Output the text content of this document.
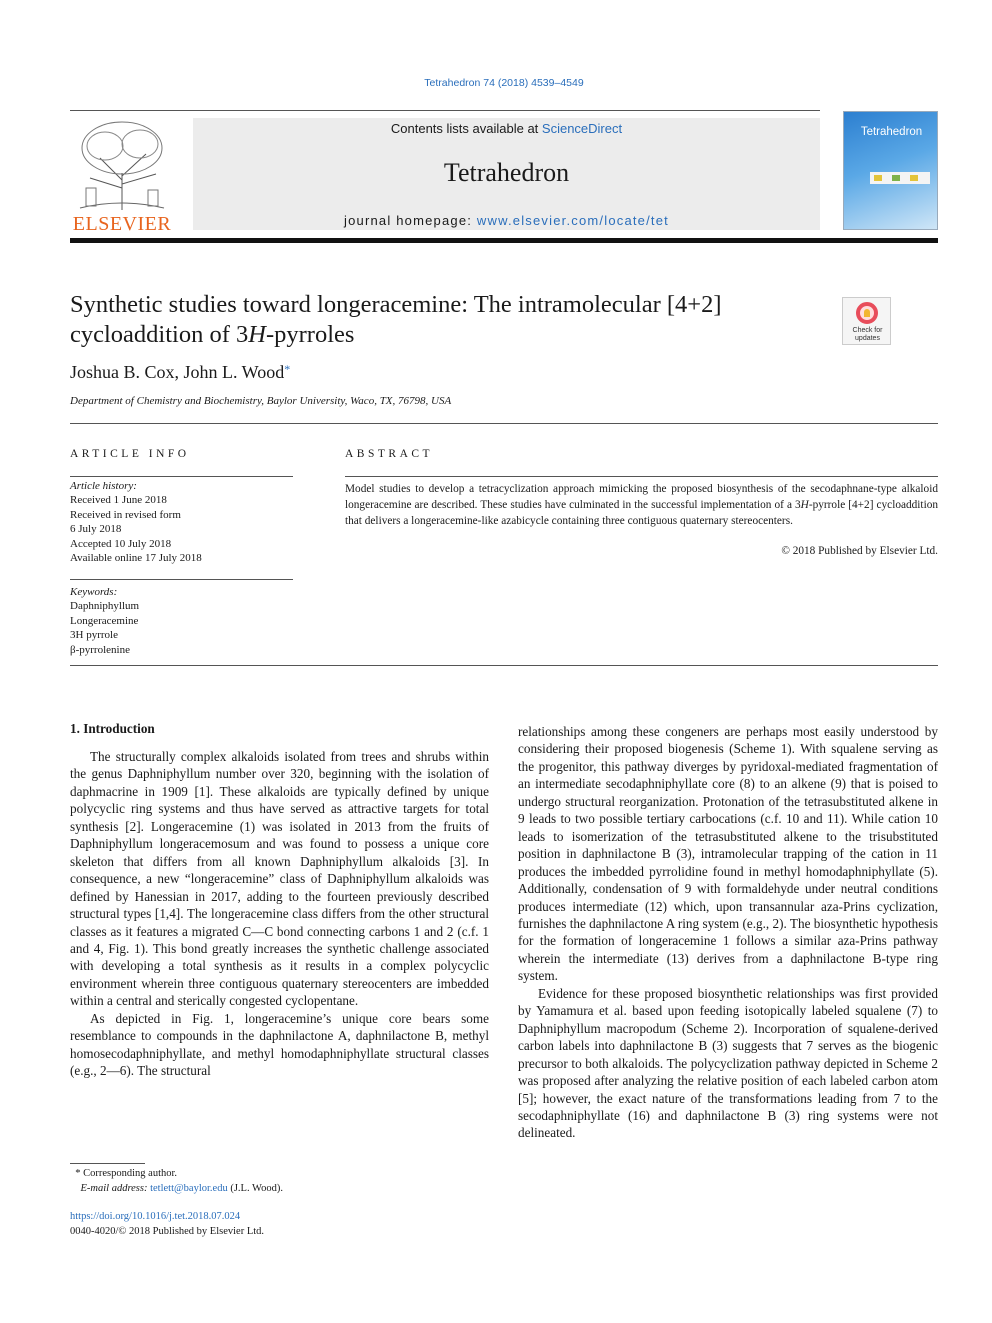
Tetrahedron 74 (2018) 4539–4549
ELSEVIER
Contents lists available at ScienceDirect
Tetrahedron
journal homepage: www.elsevier.com/locate/tet
Tetrahedron
Synthetic studies toward longeracemine: The intramolecular [4+2] cycloaddition of 3H-pyrroles	Check for updates
Joshua B. Cox, John L. Wood*
Department of Chemistry and Biochemistry, Baylor University, Waco, TX, 76798, USA
ARTICLE INFO	ABSTRACT
Article history:
Received 1 June 2018
Received in revised form
6 July 2018
Accepted 10 July 2018
Available online 17 July 2018
Keywords:
Daphniphyllum
Longeracemine
3H pyrrole
β-pyrrolenine
Model studies to develop a tetracyclization approach mimicking the proposed biosynthesis of the secodaphnane-type alkaloid longeracemine are described. These studies have culminated in the successful implementation of a 3H-pyrrole [4+2] cycloaddition that delivers a longeracemine-like azabicycle containing three contiguous quaternary stereocenters.
© 2018 Published by Elsevier Ltd.
1. Introduction

The structurally complex alkaloids isolated from trees and shrubs within the genus Daphniphyllum number over 320, beginning with the isolation of daphmacrine in 1909 [1]. These alkaloids are typically defined by unique polycyclic ring systems and thus have served as attractive targets for total synthesis [2]. Longeracemine (1) was isolated in 2013 from the fruits of Daphniphyllum longeracemosum and was found to possess a unique core skeleton that differs from all known Daphniphyllum alkaloids [3]. In consequence, a new “longeracemine” class of Daphniphyllum alkaloids was defined by Hanessian in 2017, adding to the fourteen previously described structural types [1,4]. The longeracemine class differs from the other structural classes as it features a migrated C—C bond connecting carbons 1 and 2 (c.f. 1 and 4, Fig. 1). This bond greatly increases the synthetic challenge associated with developing a total synthesis as it results in a complex polycyclic environment wherein three contiguous quaternary stereocenters are imbedded within a central and sterically congested cyclopentane.

As depicted in Fig. 1, longeracemine’s unique core bears some resemblance to compounds in the daphnilactone A, daphnilactone B, methyl homosecodaphniphyllate, and methyl homodaphniphyllate structural classes (e.g., 2—6). The structural

relationships among these congeners are perhaps most easily understood by considering their proposed biogenesis (Scheme 1). With squalene serving as the progenitor, this pathway diverges by pyridoxal-mediated fragmentation of an intermediate secodaphniphyllate core (8) to an alkene (9) that is poised to undergo structural reorganization. Protonation of the tetrasubstituted alkene in 9 leads to two possible tertiary carbocations (c.f. 10 and 11). While cation 10 leads to isomerization of the tetrasubstituted alkene to the trisubstituted position in daphnilactone B (3), intramolecular trapping of the cation in 11 produces the imbedded pyrrolidine found in methyl homodaphniphyllate (5). Additionally, condensation of 9 with formaldehyde under neutral conditions produces intermediate (12) which, upon transannular aza-Prins cyclization, furnishes the daphnilactone A ring system (e.g., 2). The biosynthetic hypothesis for the formation of longeracemine 1 follows a similar aza-Prins pathway wherein the intermediate (13) derives from a daphnilactone B-type ring system.

Evidence for these proposed biosynthetic relationships was first provided by Yamamura et al. based upon feeding isotopically labeled squalene (7) to Daphniphyllum macropodum (Scheme 2). Incorporation of squalene-derived carbon labels into daphnilactone B (3) suggests that 7 serves as the biogenic precursor to both alkaloids. The polycyclization pathway depicted in Scheme 2 was proposed after analyzing the relative position of each labeled carbon atom [5]; however, the exact nature of the transformations leading from 7 to the secodaphniphyllate (16) and daphnilactone B (3) ring systems were not delineated.

* Corresponding author.
E-mail address: tetlett@baylor.edu (J.L. Wood).
https://doi.org/10.1016/j.tet.2018.07.024
0040-4020/© 2018 Published by Elsevier Ltd.
